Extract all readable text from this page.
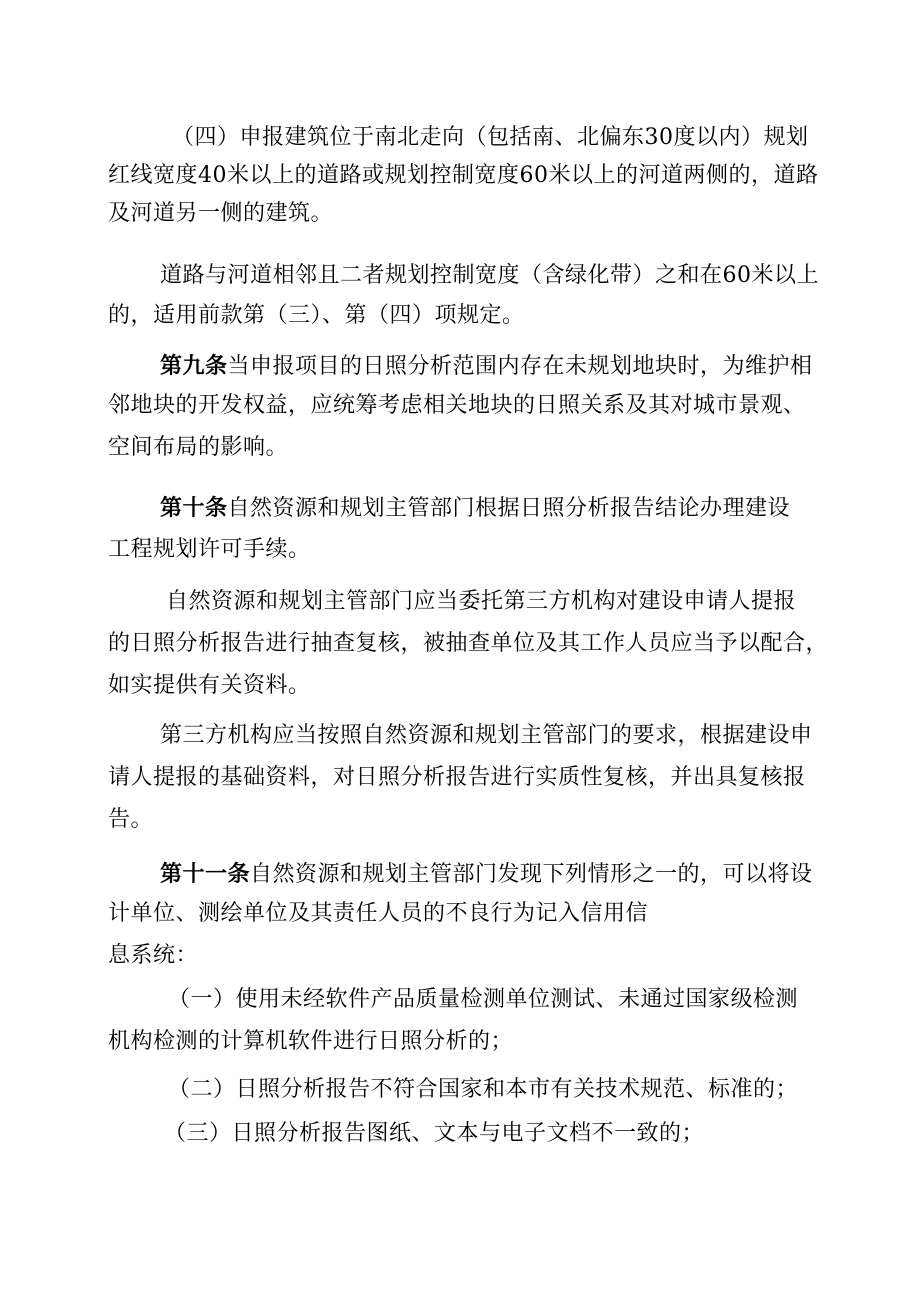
（四）申报建筑位于南北走向（包括南、北偏东30度以内）规划
红线宽度40米以上的道路或规划控制宽度60米以上的河道两侧的，道路
及河道另一侧的建筑。
道路与河道相邻且二者规划控制宽度（含绿化带）之和在60米以上
的，适用前款第（三）、第（四）项规定。
第九条当申报项目的日照分析范围内存在未规划地块时，为维护相
邻地块的开发权益，应统筹考虑相关地块的日照关系及其对城市景观、
空间布局的影响。
第十条自然资源和规划主管部门根据日照分析报告结论办理建设
工程规划许可手续。
自然资源和规划主管部门应当委托第三方机构对建设申请人提报
的日照分析报告进行抽查复核，被抽查单位及其工作人员应当予以配合，
如实提供有关资料。
第三方机构应当按照自然资源和规划主管部门的要求，根据建设申
请人提报的基础资料，对日照分析报告进行实质性复核，并出具复核报
告。
第十一条自然资源和规划主管部门发现下列情形之一的，可以将设
计单位、测绘单位及其责任人员的不良行为记入信用信
息系统：
（一）使用未经软件产品质量检测单位测试、未通过国家级检测
机构检测的计算机软件进行日照分析的；
（二）日照分析报告不符合国家和本市有关技术规范、标准的；
（三）日照分析报告图纸、文本与电子文档不一致的；
